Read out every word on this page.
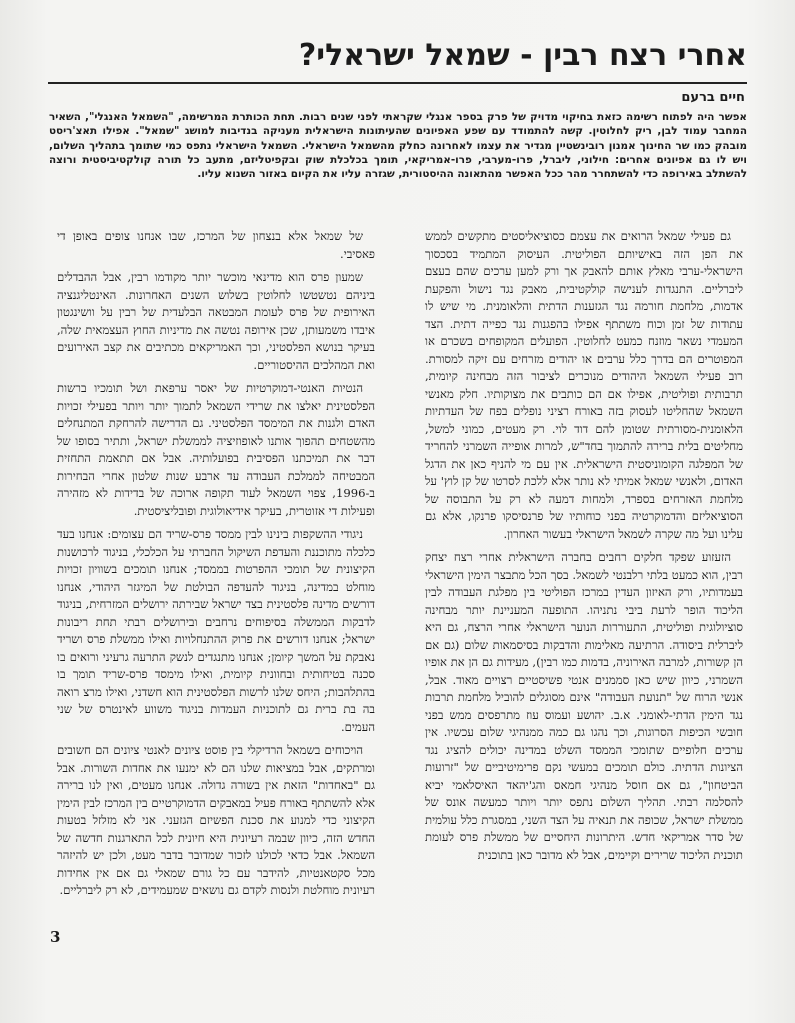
אחרי רצח רבין - שמאל ישראלי?
חיים ברעם
אפשר היה לפתוח רשימה כזאת בחיקוי מדויק של פרק בספר אנגלי שקראתי לפני שנים רבות. תחת הכותרת המרשימה, "השמאל האנגלי", השאיר המחבר עמוד לבן, ריק לחלוטין. קשה להתמודד עם שפע האפיונים שהעיתונות הישראלית מעניקה בנדיבות למושג "שמאל". אפילו תאצ'ריסט מובהק כמו שר החינוך אמנון רובינשטיין מגדיר את עצמו לאחרונה כחלק מהשמאל הישראלי. השמאל הישראלי נתפס כמי שתומך בתהליך השלום, ויש לו גם אפיונים אחרים: חילוני, ליברל, פרו-מערבי, פרו-אמריקאי, תומך בכלכלת שוק ובקפיטליזם, מתעב כל תורה קולקטיביסטית ורוצה להשתלב באירופה כדי להשתחרר מהר ככל האפשר מהתאונה ההיסטורית, שגזרה עליו את הקיום באזור השנוא עליו.

גם פעילי שמאל הרואים את עצמם כסוציאליסטים מתקשים לממש את הפן הזה באישיותם הפוליטית. העיסוק המתמיד בסכסוך הישראלי-ערבי מאלץ אותם להאבק אך ורק למען ערכים שהם בעצם ליברליים. התנגדות לענישה קולקטיבית, מאבק נגד נישול והפקעת אדמות, מלחמת חורמה נגד הגזענות הדתית והלאומנית. מי שיש לו עתודות של זמן וכוח משתתף אפילו בהפגנות נגד כפייה דתית. הצד המעמדי נשאר מוזנח כמעט לחלוטין. הפועלים המקופחים בשכרם או המפוטרים הם בדרך כלל ערבים או יהודים מזרחים עם זיקה למסורת. רוב פעילי השמאל היהודים מנוכרים לציבור הזה מבחינה קיומית, תרבותית ופוליטית, אפילו אם הם כותבים את מצוקותיו. חלק מאנשי השמאל שהחליטו לעסוק בזה באורח רציני נופלים בפח של העדתיות הלאומנית-מסורתית שטומן להם דוד לוי. רק מעטים, כמוני למשל, מחליטים בלית ברירה להתמוך בחד"ש, למרות אופייה השמרני להחריד של המפלגה הקומוניסטית הישראלית. אין עם מי להניף כאן את הדגל האדום, ולאנשי שמאל אמיתי לא נותר אלא ללכת לסרטו של קן לוץ' על מלחמת האזרחים בספרד, ולמחות דמעה לא רק על התבוסה של הסוציאליזם והדמוקרטיה בפני כוחותיו של פרנסיסקו פרנקו, אלא גם עלינו ועל מה שקרה לשמאל הישראלי בעשור האחרון.

הזעזוע שפקד חלקים רחבים בחברה הישראלית אחרי רצח יצחק רבין, הוא כמעט בלתי רלבנטי לשמאל. בסך הכל מתבצר הימין הישראלי בעמדותיו, ורק האיזון העדין במרכז הפוליטי בין מפלגת העבודה לבין הליכוד הופר לרעת ביבי נתניהו. התופעה המעניינת יותר מבחינה סוציולוגית ופוליטית, התעוררות הנוער הישראלי אחרי הרצח, גם היא ליברלית ביסודה. הרתיעה מאלימות והדבקות בסיסמאות שלום (גם אם הן קשורות, למרבה האירוניה, בדמות כמו רבין), מעידות גם הן את אופיו השמרני, כיוון שיש כאן סממנים אנטי פשיסטיים רצויים מאוד. אבל, אנשי הרוח של "תנועת העבודה" אינם מסוגלים להוביל מלחמת תרבות נגד הימין הדתי-לאומני. א.ב. יהושע ועמוס עוז מתרפסים ממש בפני חובשי הכיפות הסרוגות, וכך נהגו גם כמה ממנהיגי שלום עכשיו. אין ערכים חלופיים שתומכי הממסד השלט במדינה יכולים להציג נגד הציונות הדתית. כולם תומכים במעשי נקם פרימיטיביים של "זרועות הביטחון", גם אם חוסל מנהיגי חמאס והג'יהאד האיסלאמי יביא להסלמה רבתי. תהליך השלום נתפס יותר ויותר כמעשה אונס של ממשלת ישראל, שכופה את תנאיה על הצד השני, במסגרת כלל עולמית של סדר אמריקאי חדש. היתרונות היחסיים של ממשלת פרס לעומת תוכנית הליכוד שרירים וקיימים, אבל לא מדובר כאן בתוכנית

של שמאל אלא בנצחון של המרכז, שבו אנחנו צופים באופן די פאסיבי.

שמעון פרס הוא מדינאי מוכשר יותר מקודמו רבין, אבל ההבדלים ביניהם נטשטשו לחלוטין בשלוש השנים האחרונות. האינטליגנציה האירופית של פרס לעומת המבטאה הבלעדית של רבין על וושינגטון איבדו משמעותן, שכן אירופה נטשה את מדיניות החוץ העצמאית שלה, בעיקר בנושא הפלסטיני, וכך האמריקאים מכתיבים את קצב האירועים ואת המהלכים ההיסטוריים.

הנטיות האנטי-דמוקרטיות של יאסר ערפאת ושל תומכיו ברשות הפלסטינית יאלצו את שרידי השמאל לתמוך יותר ויותר בפעילי זכויות האדם ולגנות את המימסד הפלסטיני. גם הדרישה להרחקת המתנחלים מהשטחים תהפוך אותנו לאופוזיציה לממשלת ישראל, ותתיר בסופו של דבר את תמיכתנו הפסיבית בפועלותיה. אבל אם תתאמת התחזית המבטיחה לממלכת העבודה עד ארבע שנות שלטון אחרי הבחירות ב-1996, צפוי השמאל לעוד תקופה ארוכה של בדידות לא מזהירה ופעילות די אזוטרית, בעיקר אידיאולוגית ופובליציסטית.

ניגודי ההשקפות בינינו לבין ממסד פרס-שריד הם עצומים: אנחנו בעד כלכלה מתוכננת והעדפת השיקול החברתי על הכלכלי, בניגוד לרכושנות הקיצונית של תומכי ההפרטות בממסד; אנחנו תומכים בשוויון זכויות מוחלט במדינה, בניגוד להעדפה הבולטת של המיגזר היהודי, אנחנו דורשים מדינה פלסטינית בצד ישראל שבירתה ירושלים המזרחית, בניגוד לדבקות הממשלה בסיפוחים נרחבים ובירושלים רבתי תחת ריבונות ישראל; אנחנו דורשים את פרוק ההתנחלויות ואילו ממשלת פרס ושריד נאבקת על המשך קיומן; אנחנו מתנגדים לנשק התרעה גרעיני ורואים בו סכנה בטיחותית ובחוונית קיומית, ואילו מימסד פרס-שריד תומך בו בהתלהבות; היחס שלנו לרשות הפלסטינית הוא חשדני, ואילו מרצ רואה בה בת ברית גם לתוכניות העמדות בניגוד משווע לאינטרס של שני העמים.

הויכוחים בשמאל הרדיקלי בין פוסט ציונים לאנטי ציונים הם חשובים ומרתקים, אבל במציאות שלנו הם לא ימנעו את אחדות השורות. אבל גם "באחדות" הזאת אין בשורה גדולה. אנחנו מעטים, ואין לנו ברירה אלא להשתתף באורח פעיל במאבקים הדמוקרטיים בין המרכז לבין הימין הקיצוני כדי למנוע את סכנת הפשיזם הגזעני. אני לא מזלזל בטעות החדש הזה, כיוון שבמה רעיונית היא חיונית לכל התארגנות חדשה של השמאל. אבל כדאי לכולנו לזכור שמדובר בדבר מעט, ולכן יש להיזהר מכל סקטאנטיות, להידבר עם כל גורם שמאלי גם אם אין אחידות רעיונית מוחלטת ולנסות לקדם גם נושאים שמעמידים, לא רק ליברליים.

3
